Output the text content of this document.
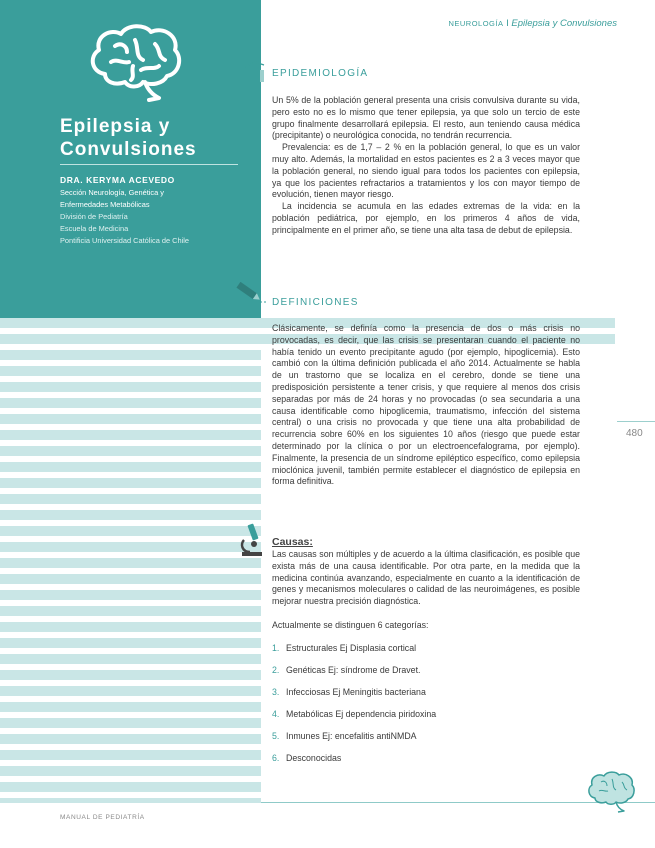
Epilepsia y
Convulsiones
DRA. KERYMA ACEVEDO
Sección Neurología, Genética y
Enfermedades Metabólicas
División de Pediatría
Escuela de Medicina
Pontificia Universidad Católica de Chile
NEUROLOGÍA I Epilepsia y Convulsiones
EPIDEMIOLOGÍA

Un 5% de la población general presenta una crisis convulsiva durante su vida, pero esto no es lo mismo que tener epilepsia, ya que solo un tercio de este grupo finalmente desarrollará epilepsia. El resto, aun teniendo causa médica (precipitante) o neurológica conocida, no tendrán recurrencia.

Prevalencia: es de 1,7 – 2 % en la población general, lo que es un valor muy alto. Además, la mortalidad en estos pacientes es 2 a 3 veces mayor que la población general, no siendo igual para todos los pacientes con epilepsia, ya que los pacientes refractarios a tratamientos y los con mayor tiempo de evolución, tienen mayor riesgo.

La incidencia se acumula en las edades extremas de la vida: en la población pediátrica, por ejemplo, en los primeros 4 años de vida, principalmente en el primer año, se tiene una alta tasa de debut de epilepsia.

DEFINICIONES

Clásicamente, se definía como la presencia de dos o más crisis no provocadas, es decir, que las crisis se presentaran cuando el paciente no había tenido un evento precipitante agudo (por ejemplo, hipoglicemia). Esto cambió con la última definición publicada el año 2014. Actualmente se habla de un trastorno que se localiza en el cerebro, donde se tiene una predisposición persistente a tener crisis, y que requiere al menos dos crisis separadas por más de 24 horas y no provocadas (o sea secundaria a una causa identificable como hipoglicemia, traumatismo, infección del sistema central) o una crisis no provocada y que tiene una alta probabilidad de recurrencia sobre 60% en los siguientes 10 años (riesgo que puede estar determinado por la clínica o por un electroencefalograma, por ejemplo). Finalmente, la presencia de un síndrome epiléptico específico, como epilepsia mioclónica juvenil, también permite establecer el diagnóstico de epilepsia en forma definitiva.

480
Causas:

Las causas son múltiples y de acuerdo a la última clasificación, es posible que exista más de una causa identificable. Por otra parte, en la medida que la medicina continúa avanzando, especialmente en cuanto a la identificación de genes y mecanismos moleculares o calidad de las neuroimágenes, es posible mejorar nuestra precisión diagnóstica.

Actualmente se distinguen 6 categorías:
1. Estructurales Ej Displasia cortical
2. Genéticas Ej: síndrome de Dravet.
3. Infecciosas Ej Meningitis bacteriana
4. Metabólicas Ej dependencia piridoxina
5. Inmunes Ej: encefalitis antiNMDA
6. Desconocidas
MANUAL DE PEDIATRÍA
